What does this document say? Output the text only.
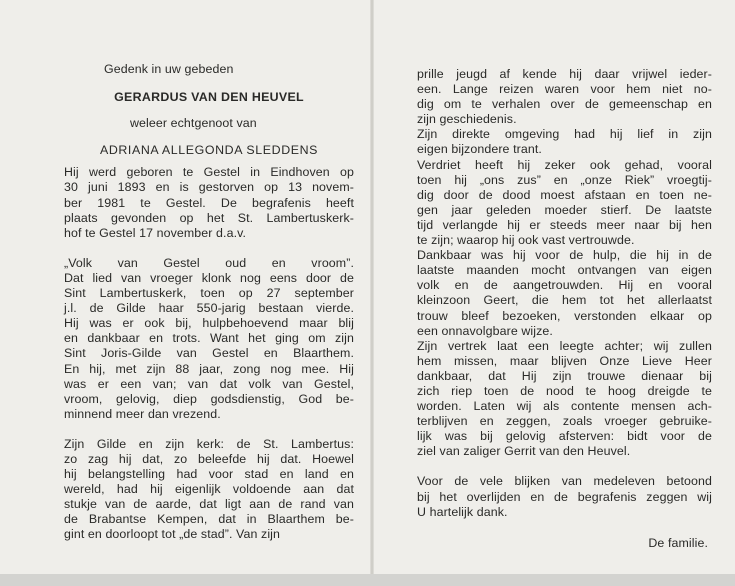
Gedenk in uw gebeden
GERARDUS VAN DEN HEUVEL
weleer echtgenoot van
ADRIANA ALLEGONDA SLEDDENS
Hij werd geboren te Gestel in Eindhoven op
30 juni 1893 en is gestorven op 13 novem-
ber 1981 te Gestel. De begrafenis heeft
plaats gevonden op het St. Lambertuskerk-
hof te Gestel 17 november d.a.v.
„Volk van Gestel oud en vroom”.
Dat lied van vroeger klonk nog eens door de
Sint Lambertuskerk, toen op 27 september
j.l. de Gilde haar 550-jarig bestaan vierde.
Hij was er ook bij, hulpbehoevend maar blij
en dankbaar en trots. Want het ging om zijn
Sint Joris-Gilde van Gestel en Blaarthem.
En hij, met zijn 88 jaar, zong nog mee. Hij
was er een van; van dat volk van Gestel,
vroom, gelovig, diep godsdienstig, God be-
minnend meer dan vrezend.
Zijn Gilde en zijn kerk: de St. Lambertus:
zo zag hij dat, zo beleefde hij dat. Hoewel
hij belangstelling had voor stad en land en
wereld, had hij eigenlijk voldoende aan dat
stukje van de aarde, dat ligt aan de rand van
de Brabantse Kempen, dat in Blaarthem be-
gint en doorloopt tot „de stad”. Van zijn
prille jeugd af kende hij daar vrijwel ieder-
een. Lange reizen waren voor hem niet no-
dig om te verhalen over de gemeenschap en
zijn geschiedenis.
Zijn direkte omgeving had hij lief in zijn
eigen bijzondere trant.
Verdriet heeft hij zeker ook gehad, vooral
toen hij „ons zus” en „onze Riek” vroegtij-
dig door de dood moest afstaan en toen ne-
gen jaar geleden moeder stierf. De laatste
tijd verlangde hij er steeds meer naar bij hen
te zijn; waarop hij ook vast vertrouwde.
Dankbaar was hij voor de hulp, die hij in de
laatste maanden mocht ontvangen van eigen
volk en de aangetrouwden. Hij en vooral
kleinzoon Geert, die hem tot het allerlaatst
trouw bleef bezoeken, verstonden elkaar op
een onnavolgbare wijze.
Zijn vertrek laat een leegte achter; wij zullen
hem missen, maar blijven Onze Lieve Heer
dankbaar, dat Hij zijn trouwe dienaar bij
zich riep toen de nood te hoog dreigde te
worden. Laten wij als contente mensen ach-
terblijven en zeggen, zoals vroeger gebruike-
lijk was bij gelovig afsterven: bidt voor de
ziel van zaliger Gerrit van den Heuvel.
Voor de vele blijken van medeleven betoond
bij het overlijden en de begrafenis zeggen wij
U hartelijk dank.
De familie.
